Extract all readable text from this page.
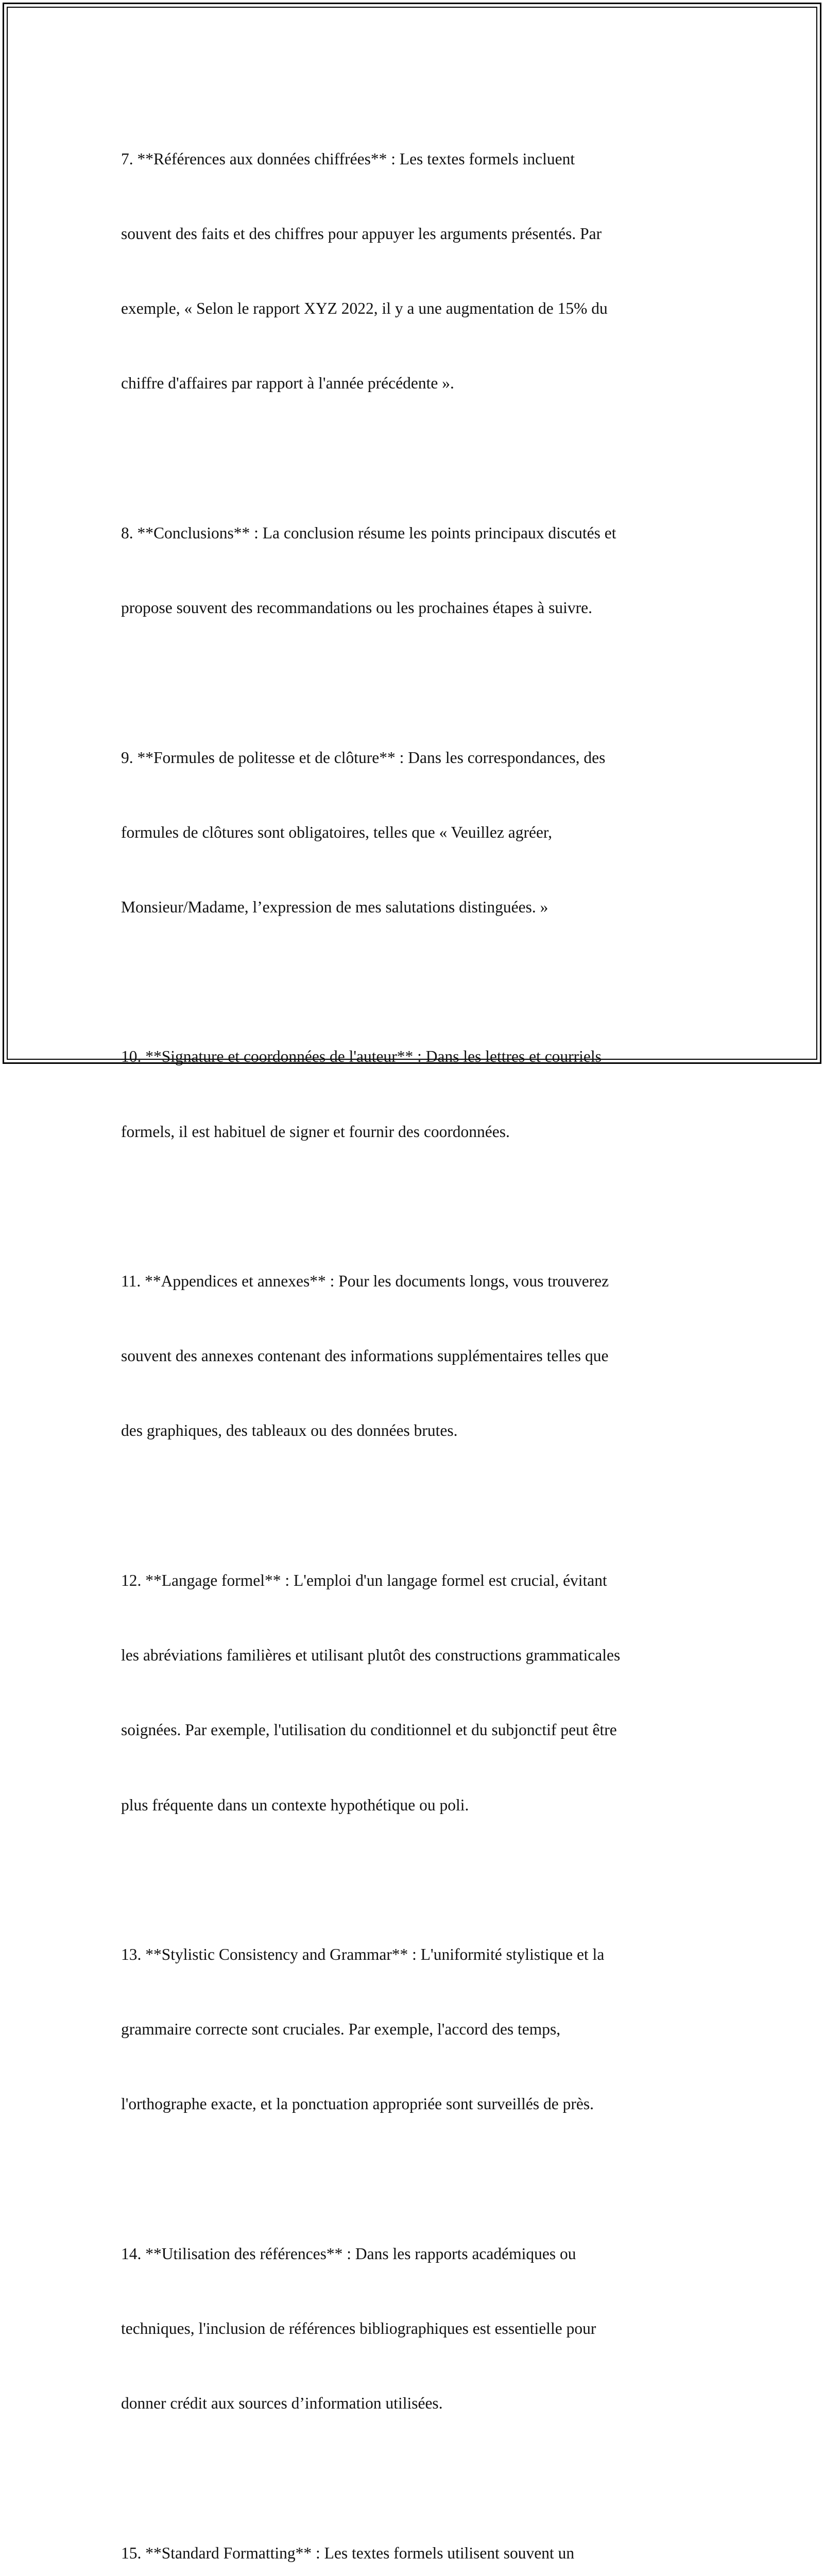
7. **Références aux données chiffrées** : Les textes formels incluent

souvent des faits et des chiffres pour appuyer les arguments présentés. Par

exemple, « Selon le rapport XYZ 2022, il y a une augmentation de 15% du

chiffre d'affaires par rapport à l'année précédente ».

8. **Conclusions** : La conclusion résume les points principaux discutés et

propose souvent des recommandations ou les prochaines étapes à suivre.

9. **Formules de politesse et de clôture** : Dans les correspondances, des

formules de clôtures sont obligatoires, telles que « Veuillez agréer,

Monsieur/Madame, l’expression de mes salutations distinguées. »

10. **Signature et coordonnées de l'auteur** : Dans les lettres et courriels

formels, il est habituel de signer et fournir des coordonnées.

11. **Appendices et annexes** : Pour les documents longs, vous trouverez

souvent des annexes contenant des informations supplémentaires telles que

des graphiques, des tableaux ou des données brutes.

12. **Langage formel** : L'emploi d'un langage formel est crucial, évitant

les abréviations familières et utilisant plutôt des constructions grammaticales

soignées. Par exemple, l'utilisation du conditionnel et du subjonctif peut être

plus fréquente dans un contexte hypothétique ou poli.

13. **Stylistic Consistency and Grammar** : L'uniformité stylistique et la

grammaire correcte sont cruciales. Par exemple, l'accord des temps,

l'orthographe exacte, et la ponctuation appropriée sont surveillés de près.

14. **Utilisation des références** : Dans les rapports académiques ou

techniques, l'inclusion de références bibliographiques est essentielle pour

donner crédit aux sources d’information utilisées.

15. **Standard Formatting** : Les textes formels utilisent souvent un
